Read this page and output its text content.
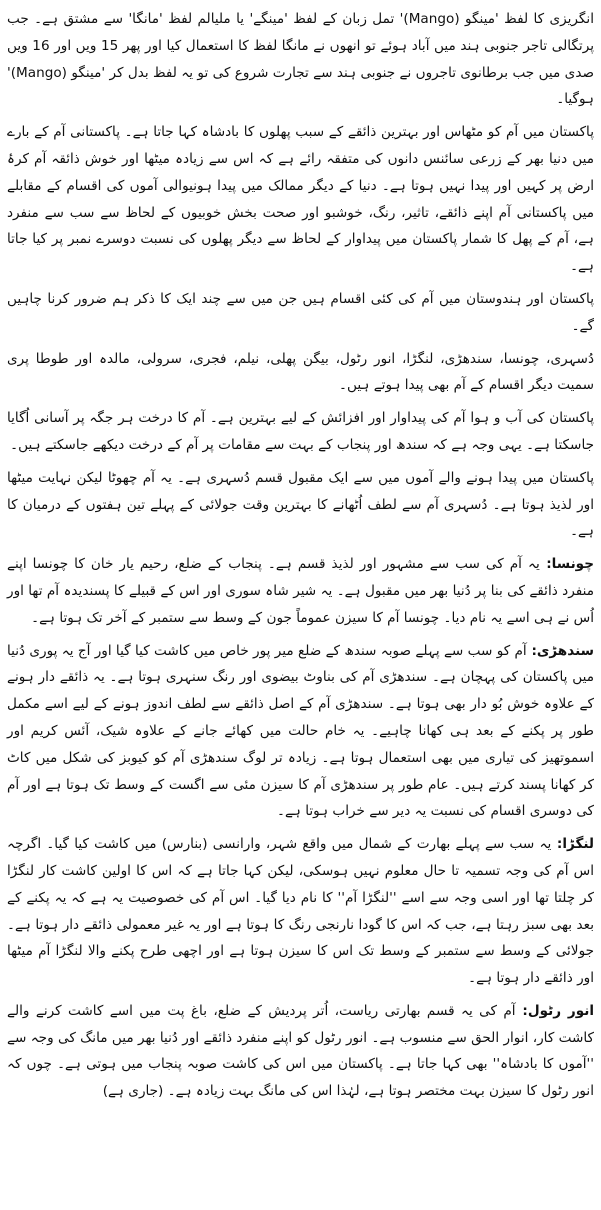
انگریزی کا لفظ 'مینگو (Mango)' تمل زبان کے لفظ 'مینگے' یا ملیالم لفظ 'مانگا' سے مشتق ہے۔ جب پرتگالی تاجر جنوبی ہند میں آباد ہوئے تو انھوں نے مانگا لفظ کا استعمال کیا اور پھر 15 ویں اور 16 ویں صدی میں جب برطانوی تاجروں نے جنوبی ہند سے تجارت شروع کی تو یہ لفظ بدل کر 'مینگو (Mango)' ہوگیا۔

پاکستان میں آم کو مٹھاس اور بہترین ذائقے کے سبب پھلوں کا بادشاہ کہا جاتا ہے۔ پاکستانی آم کے بارے میں دنیا بھر کے زرعی سائنس دانوں کی متفقہ رائے ہے کہ اس سے زیادہ میٹھا اور خوش ذائقہ آم کرۂ ارض پر کہیں اور پیدا نہیں ہوتا ہے۔ دنیا کے دیگر ممالک میں پیدا ہونیوالی آموں کی اقسام کے مقابلے میں پاکستانی آم اپنے ذائقے، تاثیر، رنگ، خوشبو اور صحت بخش خوبیوں کے لحاظ سے سب سے منفرد ہے، آم کے پھل کا شمار پاکستان میں پیداوار کے لحاظ سے دیگر پھلوں کی نسبت دوسرے نمبر پر کیا جاتا ہے۔

پاکستان اور ہندوستان میں آم کی کئی اقسام ہیں جن میں سے چند ایک کا ذکر ہم ضرور کرنا چاہیں گے۔

دُسہری، چونسا، سندھڑی، لنگڑا، انور رٹول، بیگن پھلی، نیلم، فجری، سرولی، مالدہ اور طوطا پری سمیت دیگر اقسام کے آم بھی پیدا ہوتے ہیں۔

پاکستان کی آب و ہوا آم کی پیداوار اور افزائش کے لیے بہترین ہے۔ آم کا درخت ہر جگہ پر آسانی اُگایا جاسکتا ہے۔ یہی وجہ ہے کہ سندھ اور پنجاب کے بہت سے مقامات پر آم کے درخت دیکھے جاسکتے ہیں۔

پاکستان میں پیدا ہونے والے آموں میں سے ایک مقبول قسم دُسہری ہے۔ یہ آم چھوٹا لیکن نہایت میٹھا اور لذیذ ہوتا ہے۔ دُسہری آم سے لطف اُٹھانے کا بہترین وقت جولائی کے پہلے تین ہفتوں کے درمیان کا ہے۔

چونسا: یہ آم کی سب سے مشہور اور لذیذ قسم ہے۔ پنجاب کے ضلع، رحیم یار خان کا چونسا اپنے منفرد ذائقے کی بنا پر دُنیا بھر میں مقبول ہے۔ یہ شیر شاہ سوری اور اس کے قبیلے کا پسندیدہ آم تھا اور اُس نے ہی اسے یہ نام دیا۔ چونسا آم کا سیزن عموماً جون کے وسط سے ستمبر کے آخر تک ہوتا ہے۔

سندھڑی: آم کو سب سے پہلے صوبہ سندھ کے ضلع میر پور خاص میں کاشت کیا گیا اور آج یہ پوری دُنیا میں پاکستان کی پہچان ہے۔ سندھڑی آم کی بناوٹ بیضوی اور رنگ سنہری ہوتا ہے۔ یہ ذائقے دار ہونے کے علاوہ خوش بُو دار بھی ہوتا ہے۔ سندھڑی آم کے اصل ذائقے سے لطف اندوز ہونے کے لیے اسے مکمل طور پر پکنے کے بعد ہی کھانا چاہیے۔ یہ خام حالت میں کھائے جانے کے علاوہ شیک، آئس کریم اور اسموتھیز کی تیاری میں بھی استعمال ہوتا ہے۔ زیادہ تر لوگ سندھڑی آم کو کیوبز کی شکل میں کاٹ کر کھانا پسند کرتے ہیں۔ عام طور پر سندھڑی آم کا سیزن مئی سے اگست کے وسط تک ہوتا ہے اور آم کی دوسری اقسام کی نسبت یہ دیر سے خراب ہوتا ہے۔

لنگڑا: یہ سب سے پہلے بھارت کے شمال میں واقع شہر، وارانسی (بنارس) میں کاشت کیا گیا۔ اگرچہ اس آم کی وجہ تسمیہ تا حال معلوم نہیں ہوسکی، لیکن کہا جاتا ہے کہ اس کا اولین کاشت کار لنگڑا کر چلتا تھا اور اسی وجہ سے اسے ''لنگڑا آم'' کا نام دیا گیا۔ اس آم کی خصوصیت یہ ہے کہ یہ پکنے کے بعد بھی سبز رہتا ہے، جب کہ اس کا گودا نارنجی رنگ کا ہوتا ہے اور یہ غیر معمولی ذائقے دار ہوتا ہے۔ جولائی کے وسط سے ستمبر کے وسط تک اس کا سیزن ہوتا ہے اور اچھی طرح پکنے والا لنگڑا آم میٹھا اور ذائقے دار ہوتا ہے۔

انور رٹول: آم کی یہ قسم بھارتی ریاست، اُتر پردیش کے ضلع، باغ پت میں اسے کاشت کرنے والے کاشت کار، انوار الحق سے منسوب ہے۔ انور رٹول کو اپنے منفرد ذائقے اور دُنیا بھر میں مانگ کی وجہ سے ''آموں کا بادشاہ'' بھی کہا جاتا ہے۔ پاکستان میں اس کی کاشت صوبہ پنجاب میں ہوتی ہے۔ چوں کہ انور رٹول کا سیزن بہت مختصر ہوتا ہے، لہٰذا اس کی مانگ بہت زیادہ ہے۔ (جاری ہے)
